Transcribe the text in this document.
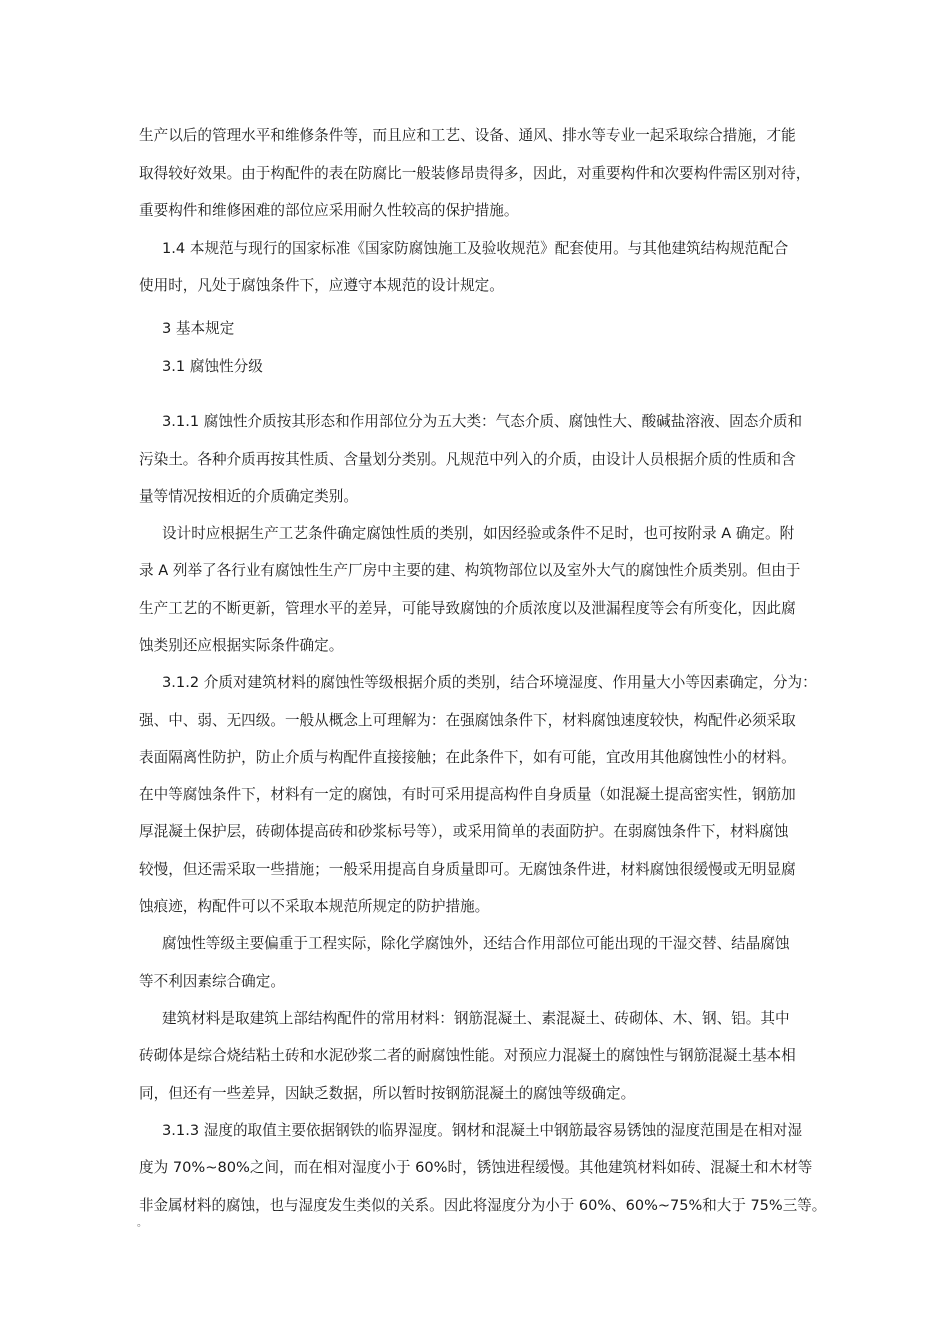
生产以后的管理水平和维修条件等，而且应和工艺、设备、通风、排水等专业一起采取综合措施，才能
取得较好效果。由于构配件的表在防腐比一般装修昂贵得多，因此，对重要构件和次要构件需区别对待，
重要构件和维修困难的部位应采用耐久性较高的保护措施。
1.4 本规范与现行的国家标准《国家防腐蚀施工及验收规范》配套使用。与其他建筑结构规范配合
使用时，凡处于腐蚀条件下，应遵守本规范的设计规定。
3 基本规定
3.1 腐蚀性分级
3.1.1 腐蚀性介质按其形态和作用部位分为五大类：气态介质、腐蚀性大、酸碱盐溶液、固态介质和
污染土。各种介质再按其性质、含量划分类别。凡规范中列入的介质，由设计人员根据介质的性质和含
量等情况按相近的介质确定类别。
设计时应根据生产工艺条件确定腐蚀性质的类别，如因经验或条件不足时，也可按附录 A 确定。附
录 A 列举了各行业有腐蚀性生产厂房中主要的建、构筑物部位以及室外大气的腐蚀性介质类别。但由于
生产工艺的不断更新，管理水平的差异，可能导致腐蚀的介质浓度以及泄漏程度等会有所变化，因此腐
蚀类别还应根据实际条件确定。
3.1.2 介质对建筑材料的腐蚀性等级根据介质的类别，结合环境湿度、作用量大小等因素确定，分为：
强、中、弱、无四级。一般从概念上可理解为：在强腐蚀条件下，材料腐蚀速度较快，构配件必须采取
表面隔离性防护，防止介质与构配件直接接触；在此条件下，如有可能，宜改用其他腐蚀性小的材料。
在中等腐蚀条件下，材料有一定的腐蚀，有时可采用提高构件自身质量（如混凝土提高密实性，钢筋加
厚混凝土保护层，砖砌体提高砖和砂浆标号等），或采用简单的表面防护。在弱腐蚀条件下，材料腐蚀
较慢，但还需采取一些措施；一般采用提高自身质量即可。无腐蚀条件进，材料腐蚀很缓慢或无明显腐
蚀痕迹，构配件可以不采取本规范所规定的防护措施。
腐蚀性等级主要偏重于工程实际，除化学腐蚀外，还结合作用部位可能出现的干湿交替、结晶腐蚀
等不利因素综合确定。
建筑材料是取建筑上部结构配件的常用材料：钢筋混凝土、素混凝土、砖砌体、木、钢、铝。其中
砖砌体是综合烧结粘土砖和水泥砂浆二者的耐腐蚀性能。对预应力混凝土的腐蚀性与钢筋混凝土基本相
同，但还有一些差异，因缺乏数据，所以暂时按钢筋混凝土的腐蚀等级确定。
3.1.3 湿度的取值主要依据钢铁的临界湿度。钢材和混凝土中钢筋最容易锈蚀的湿度范围是在相对湿
度为 70%~80%之间，而在相对湿度小于 60%时，锈蚀进程缓慢。其他建筑材料如砖、混凝土和木材等
非金属材料的腐蚀，也与湿度发生类似的关系。因此将湿度分为小于 60%、60%~75%和大于 75%三等。
。
